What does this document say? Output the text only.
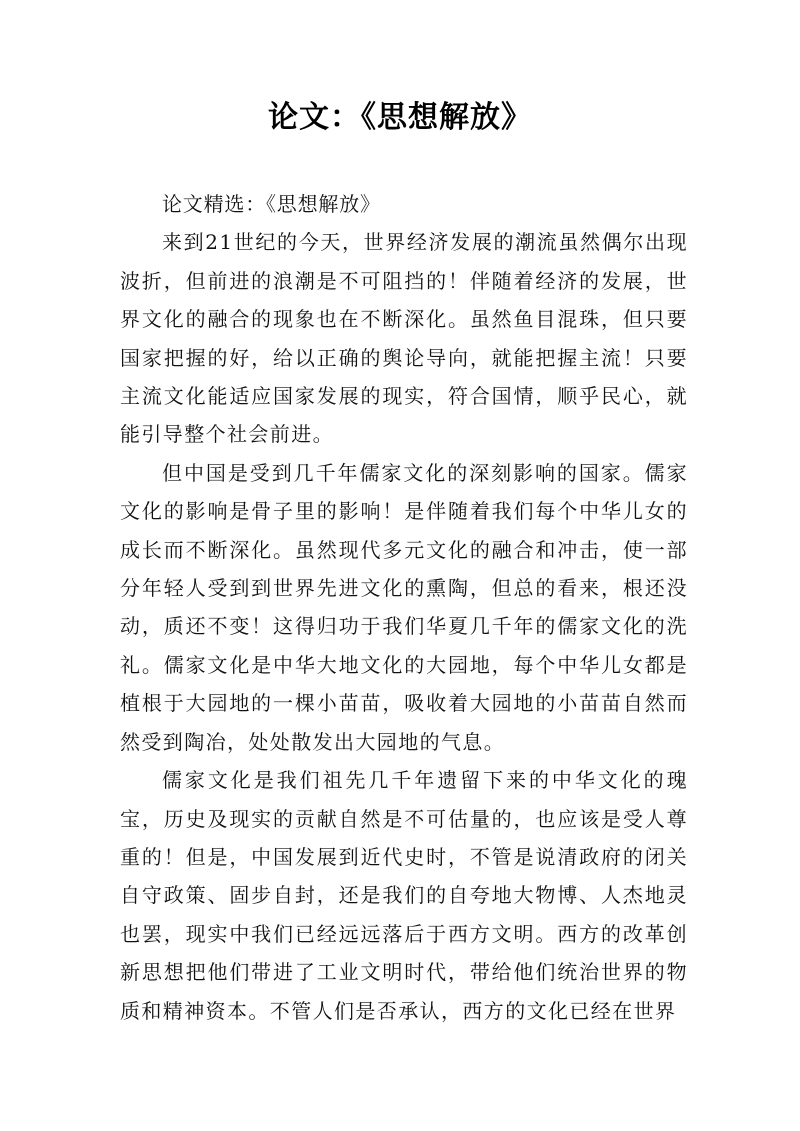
论文：《思想解放》

论文精选：《思想解放》

来到21世纪的今天，世界经济发展的潮流虽然偶尔出现波折，但前进的浪潮是不可阻挡的！伴随着经济的发展，世界文化的融合的现象也在不断深化。虽然鱼目混珠，但只要国家把握的好，给以正确的舆论导向，就能把握主流！只要主流文化能适应国家发展的现实，符合国情，顺乎民心，就能引导整个社会前进。

但中国是受到几千年儒家文化的深刻影响的国家。儒家文化的影响是骨子里的影响！是伴随着我们每个中华儿女的成长而不断深化。虽然现代多元文化的融合和冲击，使一部分年轻人受到到世界先进文化的熏陶，但总的看来，根还没动，质还不变！这得归功于我们华夏几千年的儒家文化的洗礼。儒家文化是中华大地文化的大园地，每个中华儿女都是植根于大园地的一棵小苗苗，吸收着大园地的小苗苗自然而然受到陶冶，处处散发出大园地的气息。

儒家文化是我们祖先几千年遗留下来的中华文化的瑰宝，历史及现实的贡献自然是不可估量的，也应该是受人尊重的！但是，中国发展到近代史时，不管是说清政府的闭关自守政策、固步自封，还是我们的自夸地大物博、人杰地灵也罢，现实中我们已经远远落后于西方文明。西方的改革创新思想把他们带进了工业文明时代，带给他们统治世界的物质和精神资本。不管人们是否承认，西方的文化已经在世界
